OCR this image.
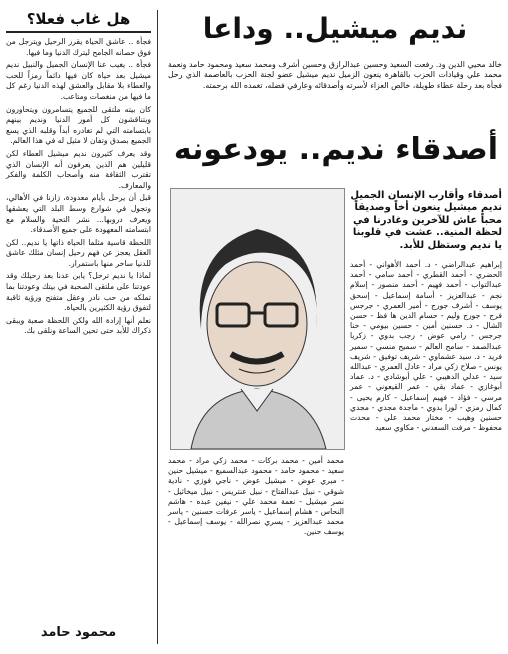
هل غاب فعلا؟

فجأة .. عاشق الحياة يقرر الرحيل ويترجل من فوق حصانه الجامح ليترك الدنيا وما فيها.

فجأة .. يغيب عنا الإنسان الجميل والنبيل نديم ميشيل بعد حياة كان فيها دائماً رمزاً للحب والعطاء بلا مقابل والعشق لهذه الدنيا رغم كل ما فيها من منغصات ومتاعب.

كان بيته ملتقى للجميع يتسامرون ويتحاورون ويتناقشون كل أمور الدنيا ونديم بينهم بابتسامته التي لم تغادره أبداً وقلبه الذي يسع الجميع بصدق وتفان لا مثيل له في هذا العالم.

وقد يعرف كثيرون نديم ميشيل العطاء لكن قليلين هم الذين يعرفون أنه الإنسان الذي تقترب الثقافة منه وأصحاب الكلمة والفكر والمعارف.

قبل أن يرحل بأيام معدودة، زارنا في الأهالي، وتجول في شوارع وسط البلد التي يعشقها ويعرف دروبها... نشر التحية والسلام مع ابتسامته المعهودة على جميع الأصدقاء.

اللحظة قاسية مثلما الحياة ذاتها يا نديم.. لكن العقل يعجز عن فهم رحيل إنسان مثلك عاشق للدنيا ساخر منها باستمرار.

لماذا يا نديم ترحل؟ يابن عدنا بعد رحيلك وقد عودتنا على ملتقى الصحبة في بيتك وعودتنا بما تملكه من حب نادر وعقل متفتح ورؤية ثاقبة لتفوق رؤية الكثيرين بالحياة.

نعلم أنها إرادة الله ولكن اللحظة صعبة ويبقى ذكراك للأبد حتى تحين الساعة ونلقى بك.

محمود حامد
نديم ميشيل.. وداعا
خالد محيي الدين ود. رفعت السعيد وحسين عبدالرازق وحسين أشرف ومحمد سعيد ومحمود حامد ونعمة محمد علي وقيادات الحزب بالقاهرة ينعون الزميل نديم ميشيل عضو لجنة الحزب بالعاصمة الذي رحل فجأة بعد رحلة عطاء طويلة، خالص العزاء لأسرته وأصدقائه وعارفي فضله، تغمده الله برحمته.
أصدقاء نديم.. يودعونه
أصدقاء وأقارب الإنسان الجميل نديم ميشيل ينعون أخاً وصديقاً محباً عاش للآخرين وغادرنا في لحظة المنية.. عشت في قلوبنا يا نديم وستظل للأبد.
إبراهيم عبدالراضي - د. أحمد الأهواني - أحمد الحضري - أحمد القطري - أحمد سامي - أحمد عبدالتواب - أحمد فهيم - أحمد منصور - إسلام نجم - عبدالعزيز - أسامة إسماعيل - إسحق يوسف - أشرف جورج - أمير العمري - جرجس فرج - جورج وليم - حسام الدين ها فظ - حسن الشال - د. حسنين أمين - حسين بيومي - حنا جرجس - رامي عوض - رجب بدوي - زكريا عبدالصمد - سامح العالم - سميح منسي - سمير فريد - د. سيد عشماوي - شريف توفيق - شريف يونس - صلاح زكي مراد - عادل العمري - عبدالله سيد - عدلي الدهيبي - علي أبوشادي - د. عماد أبوغازي - عماد بقي - عمر القيعوني - عمر مرسي - فؤاد - فهيم إسماعيل - كارم يحيى - كمال رمزي - لورا بدوي - ماجدة مجدي - مجدي حسنين وهيب - مختار محمد علي - محدت محفوظ - مرفت السعدني - مكاوي سعيد
محمد أمين - محمد بركات - محمد زكي مراد - محمد سعيد - محمود حامد - محمود عبدالسميع - ميشيل حنين - ميري عوض - ميشيل عوض - ناجي فوزي - نادية شوقي - نبيل عبدالفتاح - نبيل عنتريس - نبيل ميخائيل - نصر ميشيل - نعمة محمد علي - نيفين عبده - هاشم النحاس - هشام إسماعيل - ياسر عرفات حسنين - ياسر محمد عبدالعزيز - يسري نصرالله - يوسف إسماعيل - يوسف حنين.
